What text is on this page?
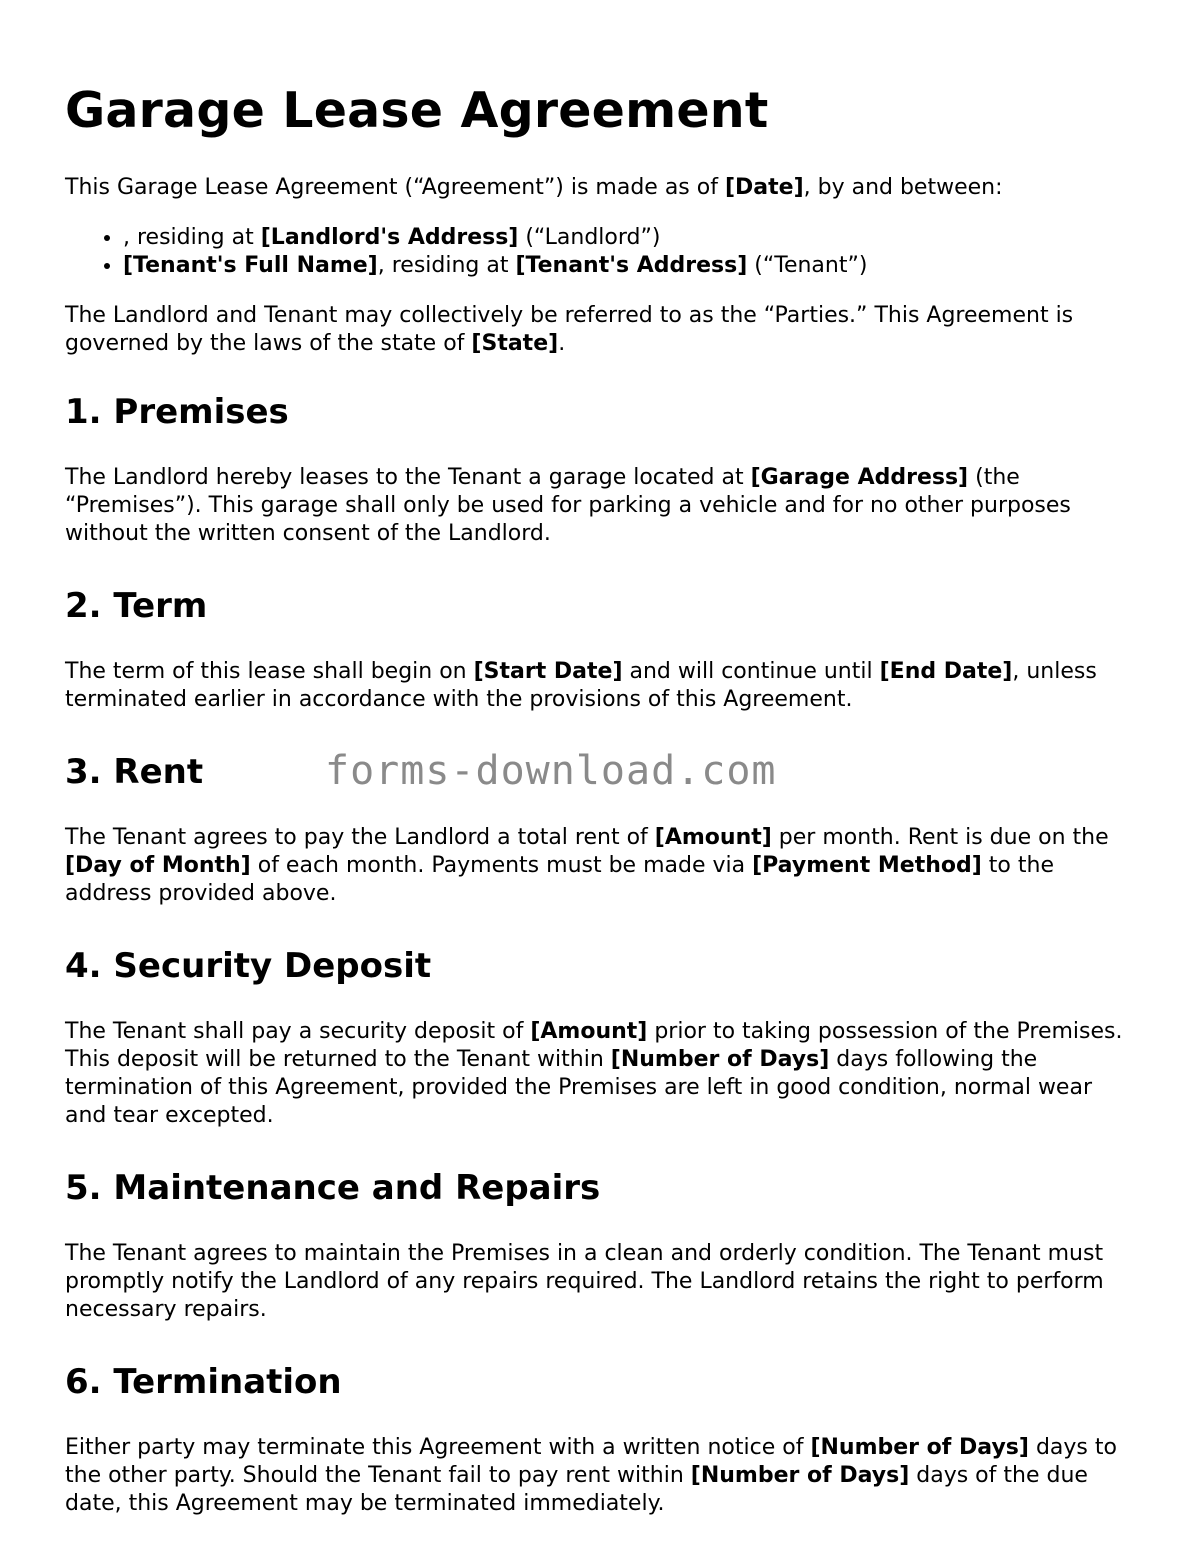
Garage Lease Agreement

This Garage Lease Agreement (“Agreement”) is made as of [Date], by and between:

• , residing at [Landlord's Address] (“Landlord”)
• [Tenant's Full Name], residing at [Tenant's Address] (“Tenant”)

The Landlord and Tenant may collectively be referred to as the “Parties.” This Agreement is governed by the laws of the state of [State].

1. Premises

The Landlord hereby leases to the Tenant a garage located at [Garage Address] (the “Premises”). This garage shall only be used for parking a vehicle and for no other purposes without the written consent of the Landlord.

2. Term

The term of this lease shall begin on [Start Date] and will continue until [End Date], unless terminated earlier in accordance with the provisions of this Agreement.

3. Rent

The Tenant agrees to pay the Landlord a total rent of [Amount] per month. Rent is due on the [Day of Month] of each month. Payments must be made via [Payment Method] to the address provided above.

4. Security Deposit

The Tenant shall pay a security deposit of [Amount] prior to taking possession of the Premises. This deposit will be returned to the Tenant within [Number of Days] days following the termination of this Agreement, provided the Premises are left in good condition, normal wear and tear excepted.

5. Maintenance and Repairs

The Tenant agrees to maintain the Premises in a clean and orderly condition. The Tenant must promptly notify the Landlord of any repairs required. The Landlord retains the right to perform necessary repairs.

6. Termination

Either party may terminate this Agreement with a written notice of [Number of Days] days to the other party. Should the Tenant fail to pay rent within [Number of Days] days of the due date, this Agreement may be terminated immediately.

forms-download.com
